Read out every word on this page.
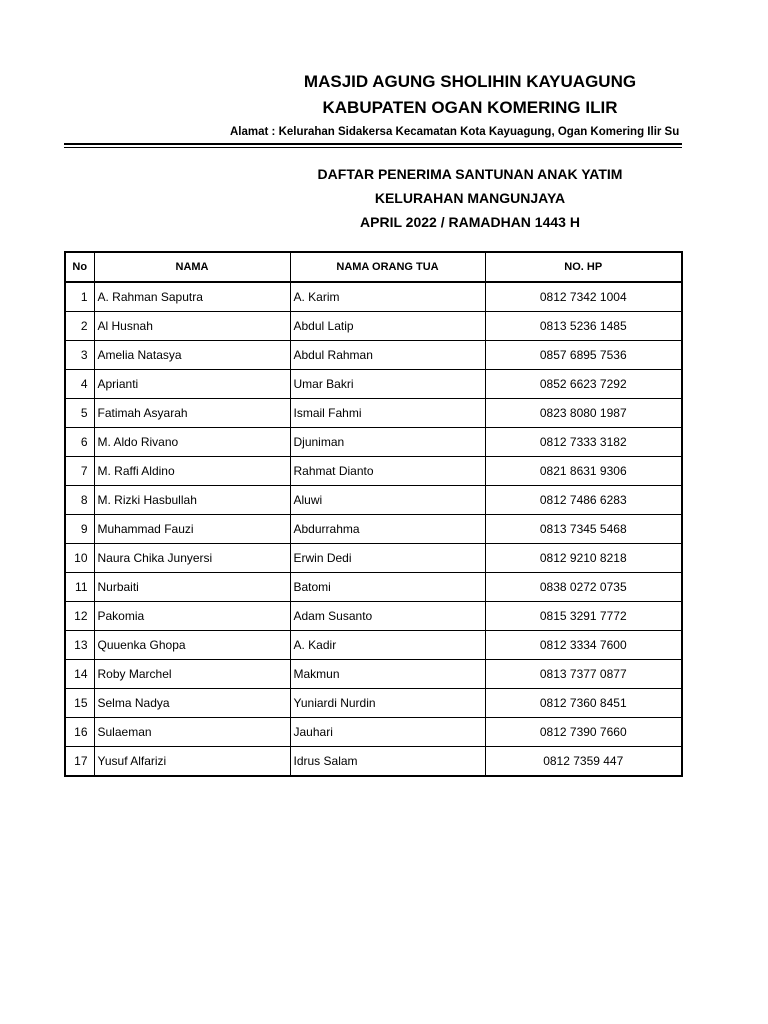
MASJID AGUNG SHOLIHIN KAYUAGUNG
KABUPATEN OGAN KOMERING ILIR
Alamat : Kelurahan Sidakersa Kecamatan Kota Kayuagung, Ogan Komering Ilir Su
DAFTAR PENERIMA SANTUNAN ANAK YATIM
KELURAHAN MANGUNJAYA
APRIL 2022 / RAMADHAN 1443 H
No	NAMA	NAMA ORANG TUA	NO. HP
1	A. Rahman Saputra	A. Karim	0812 7342 1004
2	Al Husnah	Abdul Latip	0813 5236 1485
3	Amelia Natasya	Abdul Rahman	0857 6895 7536
4	Aprianti	Umar Bakri	0852 6623 7292
5	Fatimah Asyarah	Ismail Fahmi	0823 8080 1987
6	M. Aldo Rivano	Djuniman	0812 7333 3182
7	M. Raffi Aldino	Rahmat Dianto	0821 8631 9306
8	M. Rizki Hasbullah	Aluwi	0812 7486 6283
9	Muhammad Fauzi	Abdurrahma	0813 7345 5468
10	Naura Chika Junyersi	Erwin Dedi	0812 9210 8218
11	Nurbaiti	Batomi	0838 0272 0735
12	Pakomia	Adam Susanto	0815 3291 7772
13	Quuenka Ghopa	A. Kadir	0812 3334 7600
14	Roby Marchel	Makmun	0813 7377 0877
15	Selma Nadya	Yuniardi Nurdin	0812 7360 8451
16	Sulaeman	Jauhari	0812 7390 7660
17	Yusuf Alfarizi	Idrus Salam	0812 7359 447
